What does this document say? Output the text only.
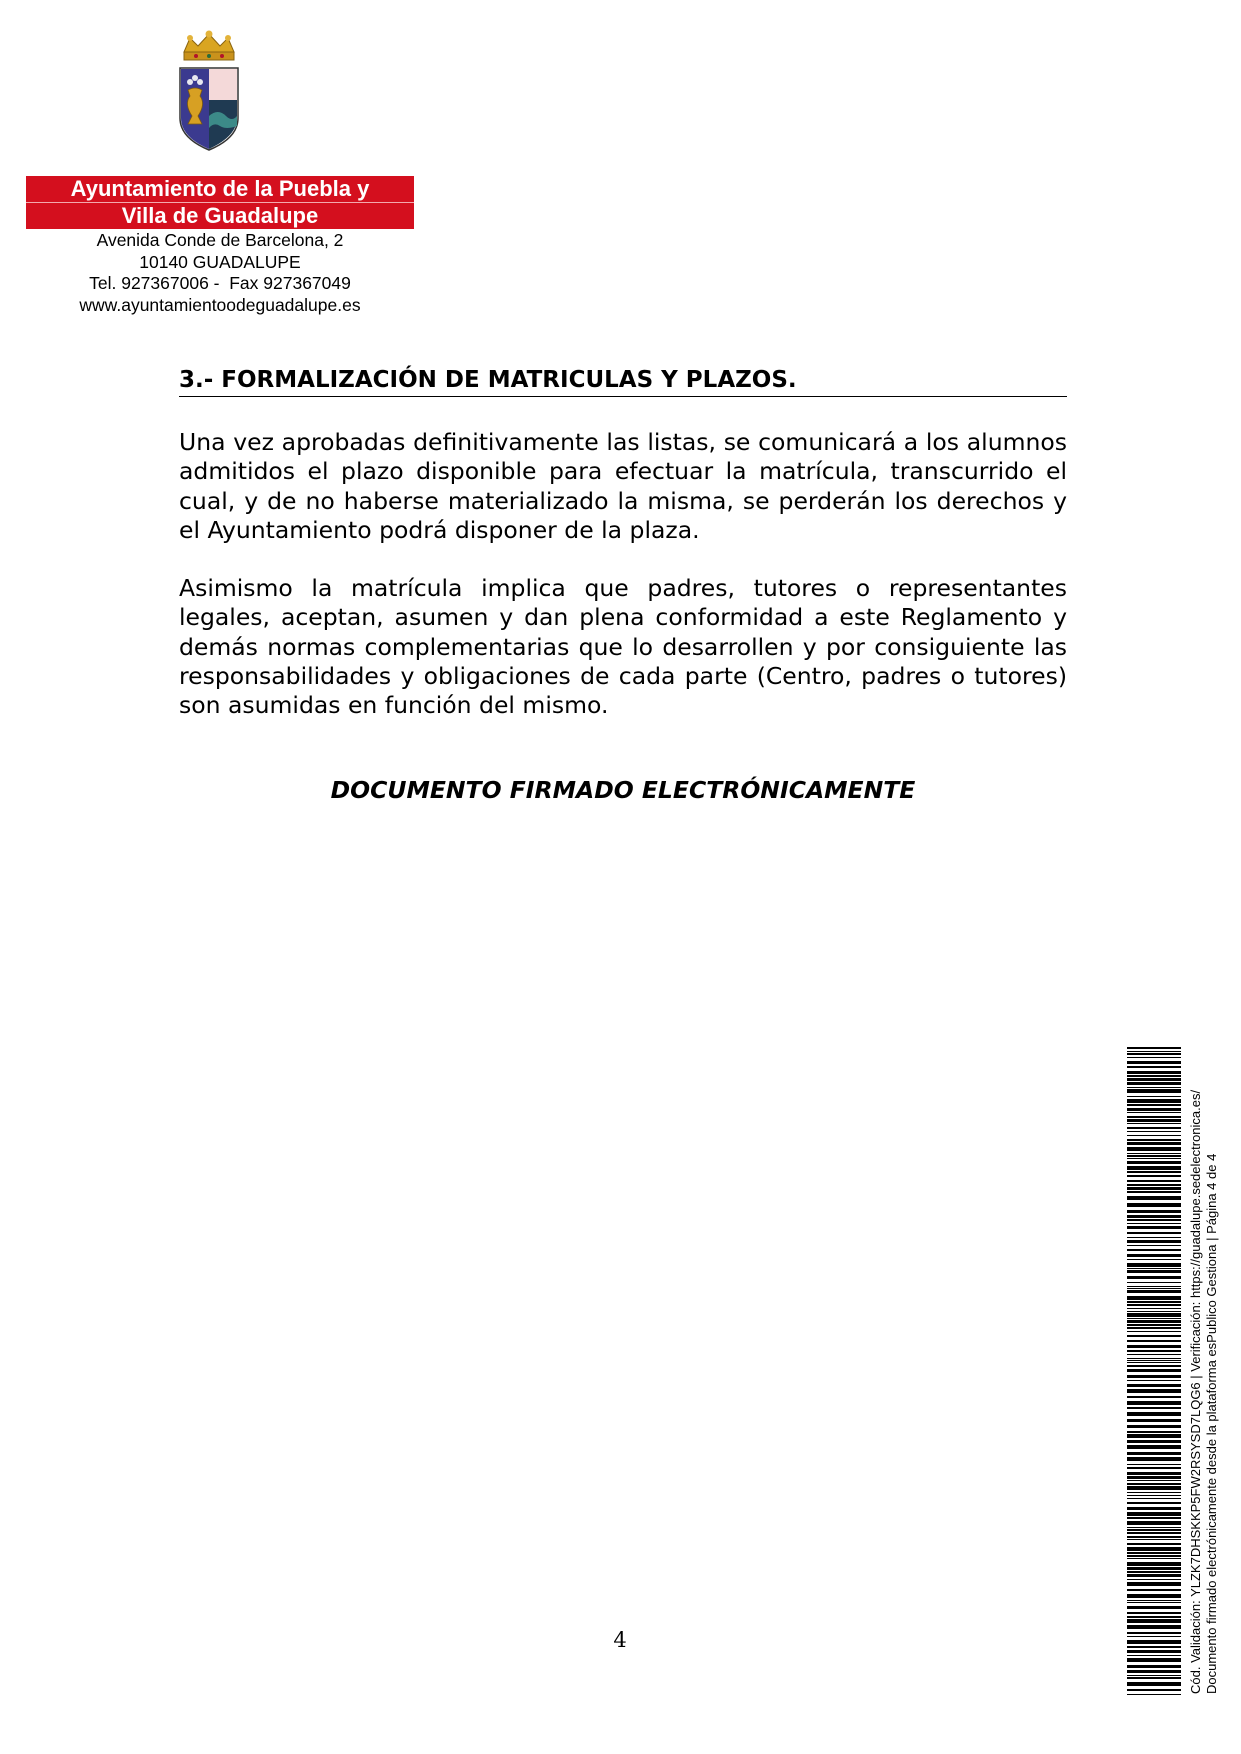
Ayuntamiento de la Puebla y
Villa de Guadalupe
Avenida Conde de Barcelona, 2
10140 GUADALUPE
Tel. 927367006 -  Fax 927367049
www.ayuntamientoodeguadalupe.es
3.- FORMALIZACIÓN DE MATRICULAS Y PLAZOS.
Una vez aprobadas definitivamente las listas, se comunicará a los alumnos admitidos el plazo disponible para efectuar la matrícula, transcurrido el cual, y de no haberse materializado la misma, se perderán los derechos y el Ayuntamiento podrá disponer de la plaza.
Asimismo la matrícula implica que padres, tutores o representantes legales, aceptan, asumen y dan plena conformidad a este Reglamento y demás normas complementarias que lo desarrollen y por consiguiente las responsabilidades y obligaciones de cada parte (Centro, padres o tutores) son asumidas en función del mismo.
DOCUMENTO FIRMADO ELECTRÓNICAMENTE
4	Cód. Validación: YLZK7DHSKKP5FW2RSYSD7LQG6 | Verificación: https://guadalupe.sedelectronica.es/ Documento firmado electrónicamente desde la plataforma esPublico Gestiona | Página 4 de 4
